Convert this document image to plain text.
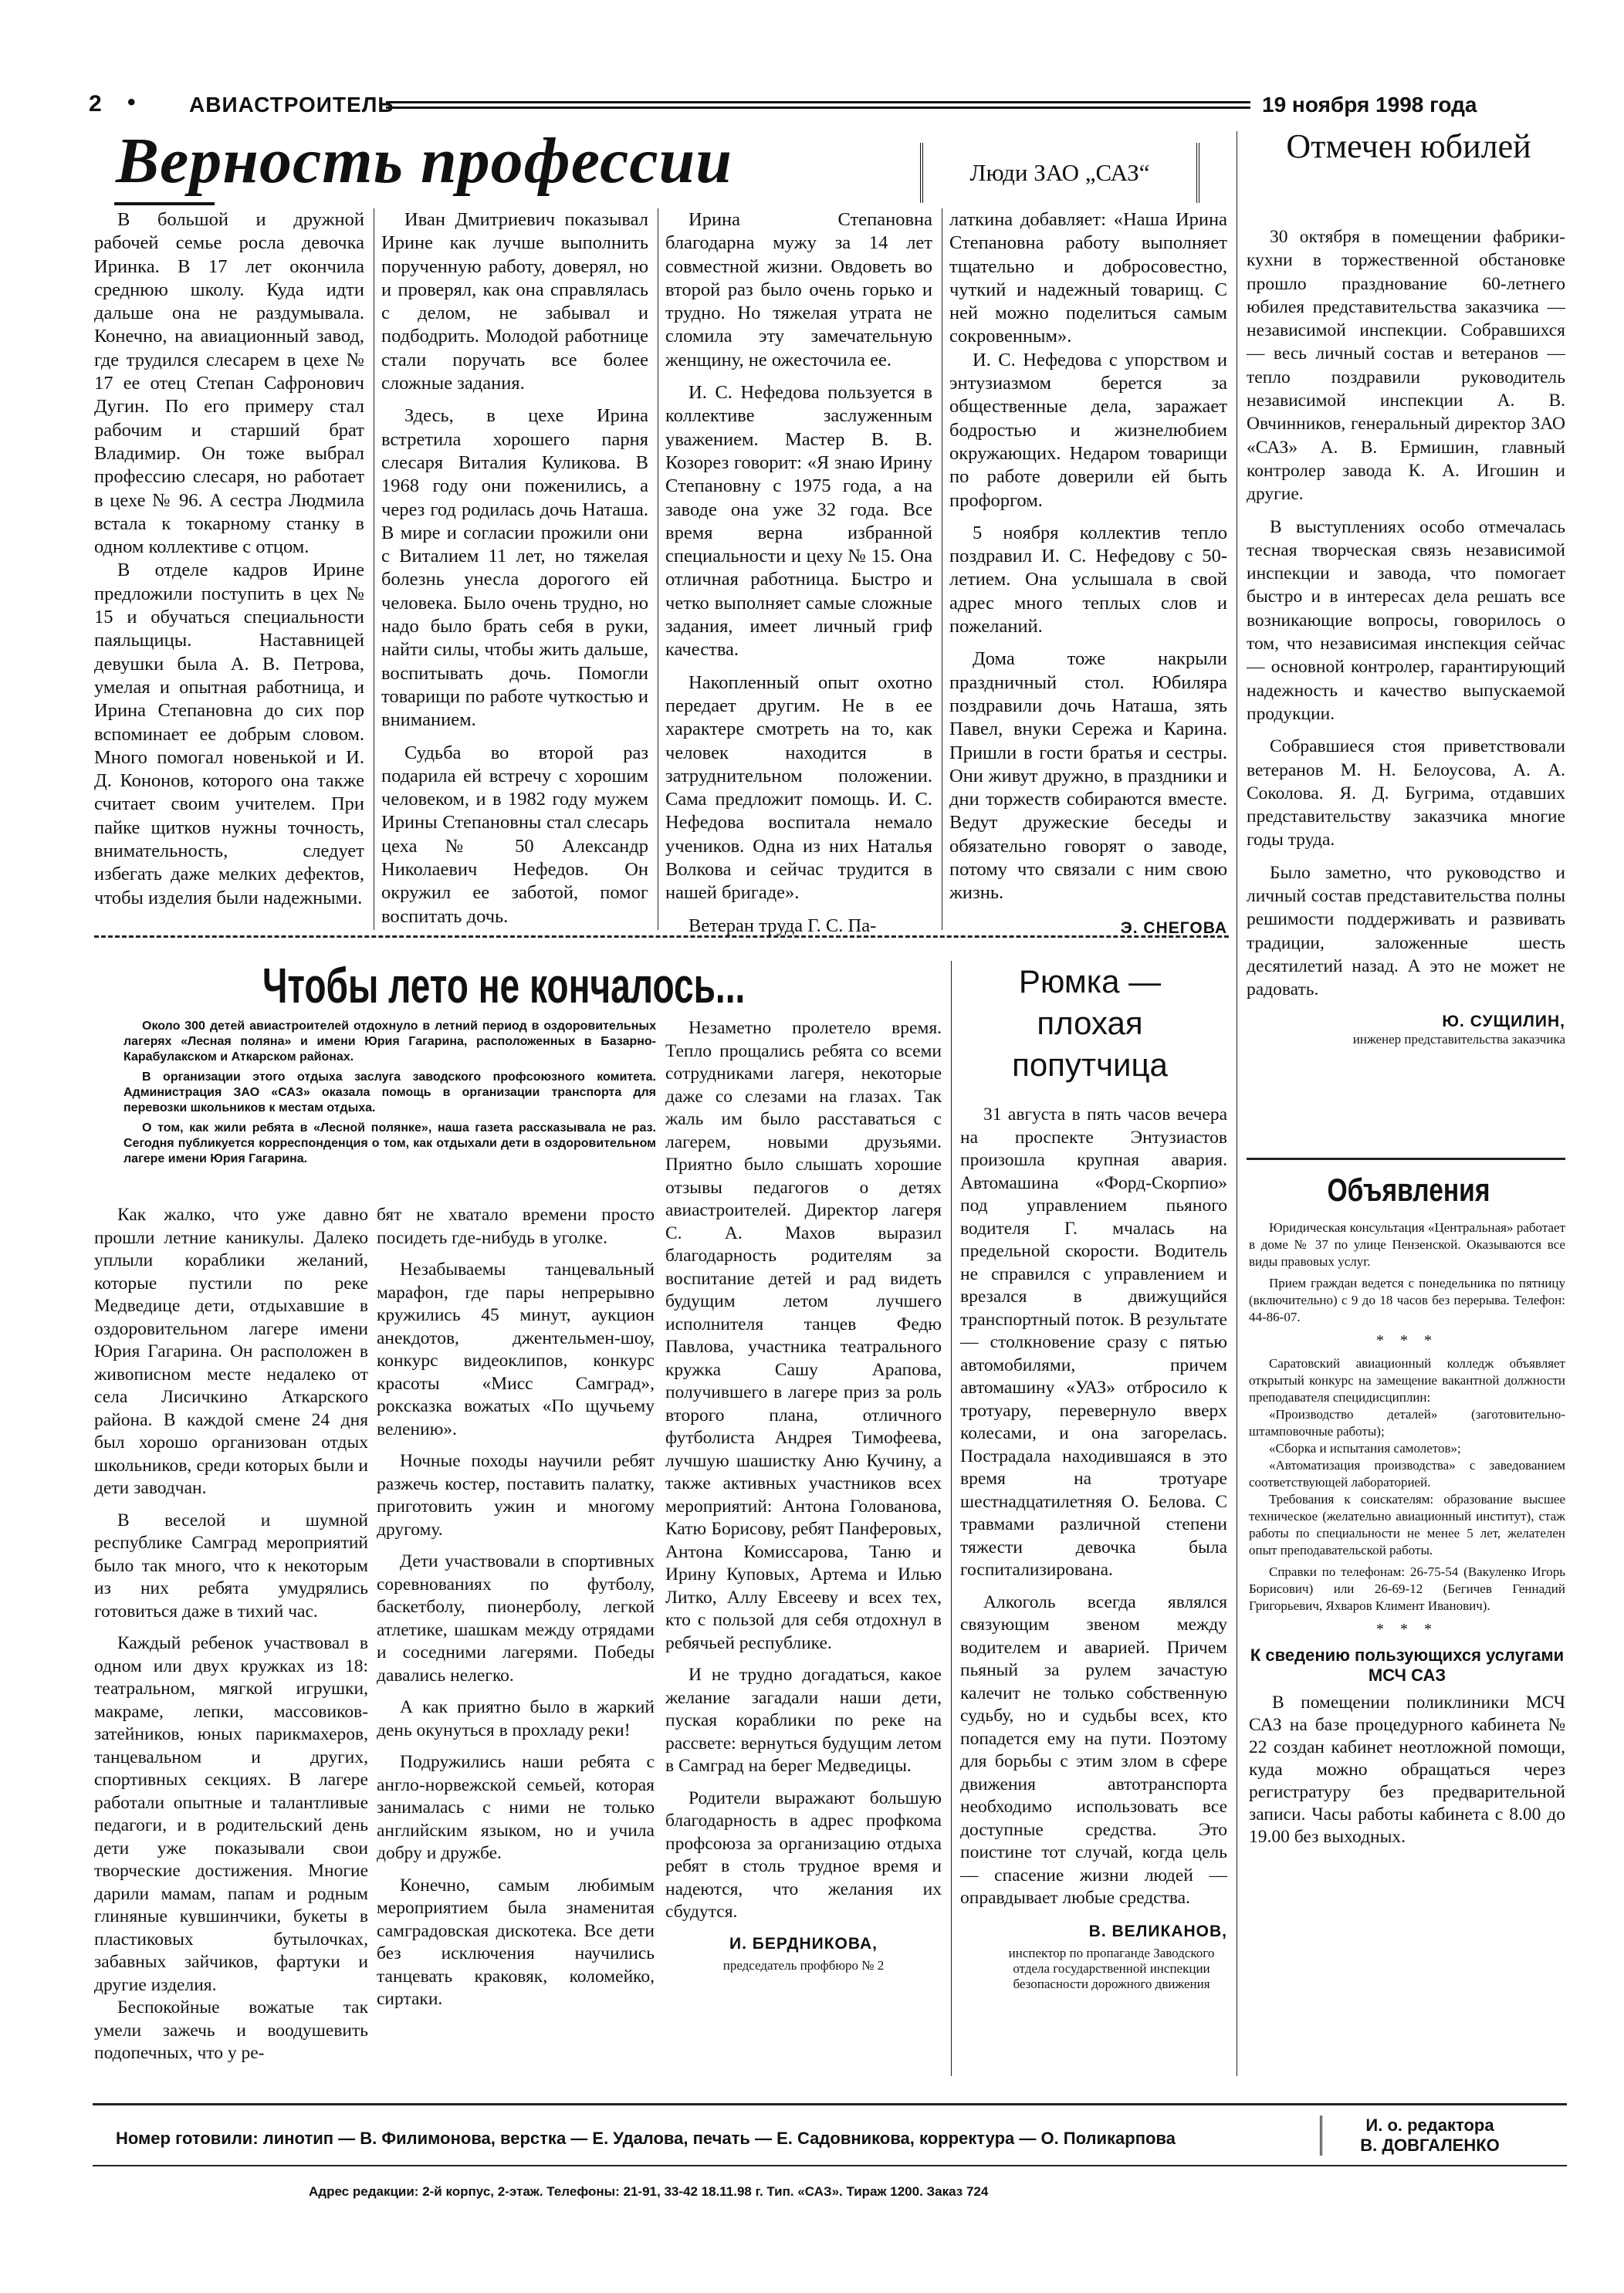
2 • АВИАСТРОИТЕЛЬ	19 ноября 1998 года
Верность профессии	Люди ЗАО „САЗ“

В большой и дружной рабочей семье росла девочка Иринка. В 17 лет окончила среднюю школу. Куда идти дальше она не раздумывала. Конечно, на авиационный завод, где трудился слесарем в цехе № 17 ее отец Степан Сафронович Дугин. По его примеру стал рабочим и старший брат Владимир. Он тоже выбрал профессию слесаря, но работает в цехе № 96. А сестра Людмила встала к токарному станку в одном коллективе с отцом.

В отделе кадров Ирине предложили поступить в цех № 15 и обучаться специальности паяльщицы. Наставницей девушки была А. В. Петрова, умелая и опытная работница, и Ирина Степановна до сих пор вспоминает ее добрым словом. Много помогал новенькой и И. Д. Кононов, которого она также считает своим учителем. При пайке щитков нужны точность, внимательность, следует избегать даже мелких дефектов, чтобы изделия были надежными.

Иван Дмитриевич показывал Ирине как лучше выполнить порученную работу, доверял, но и проверял, как она справлялась с делом, не забывал и подбодрить. Молодой работнице стали поручать все более сложные задания.

Здесь, в цехе Ирина встретила хорошего парня слесаря Виталия Куликова. В 1968 году они поженились, а через год родилась дочь Наташа. В мире и согласии прожили они с Виталием 11 лет, но тяжелая болезнь унесла дорогого ей человека. Было очень трудно, но надо было брать себя в руки, найти силы, чтобы жить дальше, воспитывать дочь. Помогли товарищи по работе чуткостью и вниманием.

Судьба во второй раз подарила ей встречу с хорошим человеком, и в 1982 году мужем Ирины Степановны стал слесарь цеха № 50 Александр Николаевич Нефедов. Он окружил ее заботой, помог воспитать дочь.

Ирина Степановна благодарна мужу за 14 лет совместной жизни. Овдоветь во второй раз было очень горько и трудно. Но тяжелая утрата не сломила эту замечательную женщину, не ожесточила ее.

И. С. Нефедова пользуется в коллективе заслуженным уважением. Мастер В. В. Козорез говорит: «Я знаю Ирину Степановну с 1975 года, а на заводе она уже 32 года. Все время верна избранной специальности и цеху № 15. Она отличная работница. Быстро и четко выполняет самые сложные задания, имеет личный гриф качества.

Накопленный опыт охотно передает другим. Не в ее характере смотреть на то, как человек находится в затруднительном положении. Сама предложит помощь. И. С. Нефедова воспитала немало учеников. Одна из них Наталья Волкова и сейчас трудится в нашей бригаде».

Ветеран труда Г. С. Па-

латкина добавляет: «Наша Ирина Степановна работу выполняет тщательно и добросовестно, чуткий и надежный товарищ. С ней можно поделиться самым сокровенным».

И. С. Нефедова с упорством и энтузиазмом берется за общественные дела, заражает бодростью и жизнелюбием окружающих. Недаром товарищи по работе доверили ей быть профоргом.

5 ноября коллектив тепло поздравил И. С. Нефедову с 50-летием. Она услышала в свой адрес много теплых слов и пожеланий.

Дома тоже накрыли праздничный стол. Юбиляра поздравили дочь Наташа, зять Павел, внуки Сережа и Карина. Пришли в гости братья и сестры. Они живут дружно, в праздники и дни торжеств собираются вместе. Ведут дружеские беседы и обязательно говорят о заводе, потому что связали с ним свою жизнь.

Э. СНЕГОВА
Отмечен юбилей

30 октября в помещении фабрики-кухни в торжественной обстановке прошло празднование 60-летнего юбилея представительства заказчика — независимой инспекции. Собравшихся — весь личный состав и ветеранов — тепло поздравили руководитель независимой инспекции А. В. Овчинников, генеральный директор ЗАО «САЗ» А. В. Ермишин, главный контролер завода К. А. Игошин и другие.

В выступлениях особо отмечалась тесная творческая связь независимой инспекции и завода, что помогает быстро и в интересах дела решать все возникающие вопросы, говорилось о том, что независимая инспекция сейчас — основной контролер, гарантирующий надежность и качество выпускаемой продукции.

Собравшиеся стоя приветствовали ветеранов М. Н. Белоусова, А. А. Соколова. Я. Д. Бугрима, отдавших представительству заказчика многие годы труда.

Было заметно, что руководство и личный состав представительства полны решимости поддерживать и развивать традиции, заложенные шесть десятилетий назад. А это не может не радовать.

Ю. СУЩИЛИН,
инженер представительства заказчика
Чтобы лето не кончалось...

Около 300 детей авиастроителей отдохнуло в летний период в оздоровительных лагерях «Лесная поляна» и имени Юрия Гагарина, расположенных в Базарно-Карабулакском и Аткарском районах.

В организации этого отдыха заслуга заводского профсоюзного комитета. Администрация ЗАО «САЗ» оказала помощь в организации транспорта для перевозки школьников к местам отдыха.

О том, как жили ребята в «Лесной полянке», наша газета рассказывала не раз. Сегодня публикуется корреспонденция о том, как отдыхали дети в оздоровительном лагере имени Юрия Гагарина.

Как жалко, что уже давно прошли летние каникулы. Далеко уплыли кораблики желаний, которые пустили по реке Медведице дети, отдыхавшие в оздоровительном лагере имени Юрия Гагарина. Он расположен в живописном месте недалеко от села Лисичкино Аткарского района. В каждой смене 24 дня был хорошо организован отдых школьников, среди которых были и дети заводчан.

В веселой и шумной республике Самград мероприятий было так много, что к некоторым из них ребята умудрялись готовиться даже в тихий час.

Каждый ребенок участвовал в одном или двух кружках из 18: театральном, мягкой игрушки, макраме, лепки, массовиков-затейников, юных парикмахеров, танцевальном и других, спортивных секциях. В лагере работали опытные и талантливые педагоги, и в родительский день дети уже показывали свои творческие достижения. Многие дарили мамам, папам и родным глиняные кувшинчики, букеты в пластиковых бутылочках, забавных зайчиков, фартуки и другие изделия.

Беспокойные вожатые так умели зажечь и воодушевить подопечных, что у ре-

бят не хватало времени просто посидеть где-нибудь в уголке.

Незабываемы танцевальный марафон, где пары непрерывно кружились 45 минут, аукцион анекдотов, джентельмен-шоу, конкурс видеоклипов, конкурс красоты «Мисс Самград», рокcказка вожатых «По щучьему велению».

Ночные походы научили ребят разжечь костер, поставить палатку, приготовить ужин и многому другому.

Дети участвовали в спортивных соревнованиях по футболу, баскетболу, пионерболу, легкой атлетике, шашкам между отрядами и соседними лагерями. Победы давались нелегко.

А как приятно было в жаркий день окунуться в прохладу реки!

Подружились наши ребята с англо-норвежской семьей, которая занималась с ними не только английским языком, но и учила добру и дружбе.

Конечно, самым любимым мероприятием была знаменитая самградовская дискотека. Все дети без исключения научились танцевать краковяк, коломейко, сиртаки.

Незаметно пролетело время. Тепло прощались ребята со всеми сотрудниками лагеря, некоторые даже со слезами на глазах. Так жаль им было расставаться с лагерем, новыми друзьями. Приятно было слышать хорошие отзывы педагогов о детях авиастроителей. Директор лагеря С. А. Махов выразил благодарность родителям за воспитание детей и рад видеть будущим летом лучшего исполнителя танцев Федю Павлова, участника театрального кружка Сашу Арапова, получившего в лагере приз за роль второго плана, отличного футболиста Андрея Тимофеева, лучшую шашистку Аню Кучину, а также активных участников всех мероприятий: Антона Голованова, Катю Борисову, ребят Панферовых, Антона Комиссарова, Таню и Ирину Куповых, Артема и Илью Литко, Аллу Евсееву и всех тех, кто с пользой для себя отдохнул в ребячьей республике.

И не трудно догадаться, какое желание загадали наши дети, пуская кораблики по реке на рассвете: вернуться будущим летом в Самград на берег Медведицы.

Родители выражают большую благодарность в адрес профкома профсоюза за организацию отдыха ребят в столь трудное время и надеются, что желания их сбудутся.

И. БЕРДНИКОВА,
председатель профбюро № 2
Рюмка — плохая попутчица

31 августа в пять часов вечера на проспекте Энтузиастов произошла крупная авария. Автомашина «Форд-Скорпио» под управлением пьяного водителя Г. мчалась на предельной скорости. Водитель не справился с управлением и врезался в движущийся транспортный поток. В результате — столкновение сразу с пятью автомобилями, причем автомашину «УАЗ» отбросило к тротуару, перевернуло вверх колесами, и она загорелась. Пострадала находившаяся в это время на тротуаре шестнадцатилетняя О. Белова. С травмами различной степени тяжести девочка была госпитализирована.

Алкоголь всегда являлся связующим звеном между водителем и аварией. Причем пьяный за рулем зачастую калечит не только собственную судьбу, но и судьбы всех, кто попадется ему на пути. Поэтому для борьбы с этим злом в сфере движения автотранспорта необходимо использовать все доступные средства. Это поистине тот случай, когда цель — спасение жизни людей — оправдывает любые средства.

В. ВЕЛИКАНОВ,
инспектор по пропаганде Заводского отдела государственной инспекции безопасности дорожного движения
Объявления

Юридическая консультация «Центральная» работает в доме № 37 по улице Пензенской. Оказываются все виды правовых услуг.

Прием граждан ведется с понедельника по пятницу (включительно) с 9 до 18 часов без перерыва. Телефон: 44-86-07.

* * *

Саратовский авиационный колледж объявляет открытый конкурс на замещение вакантной должности преподавателя специдисциплин:

«Производство деталей» (заготовительно-штамповочные работы);

«Сборка и испытания самолетов»;

«Автоматизация производства» с заведованием соответствующей лабораторией.

Требования к соискателям: образование высшее техническое (желательно авиационный институт), стаж работы по специальности не менее 5 лет, желателен опыт преподавательской работы.

Справки по телефонам: 26-75-54 (Вакуленко Игорь Борисович) или 26-69-12 (Бегичев Геннадий Григорьевич, Яхваров Климент Иванович).

* * *
К сведению пользующихся услугами МСЧ САЗ

В помещении поликлиники МСЧ САЗ на базе процедурного кабинета № 22 создан кабинет неотложной помощи, куда можно обращаться через регистратуру без предварительной записи. Часы работы кабинета с 8.00 до 19.00 без выходных.

Номер готовили: линотип — В. Филимонова, верстка — Е. Удалова, печать — Е. Садовникова, корректура — О. Поликарпова
И. о. редактора
В. ДОВГАЛЕНКО
Адрес редакции: 2-й корпус, 2-этаж. Телефоны: 21-91, 33-42 18.11.98 г. Тип. «САЗ». Тираж 1200. Заказ 724
